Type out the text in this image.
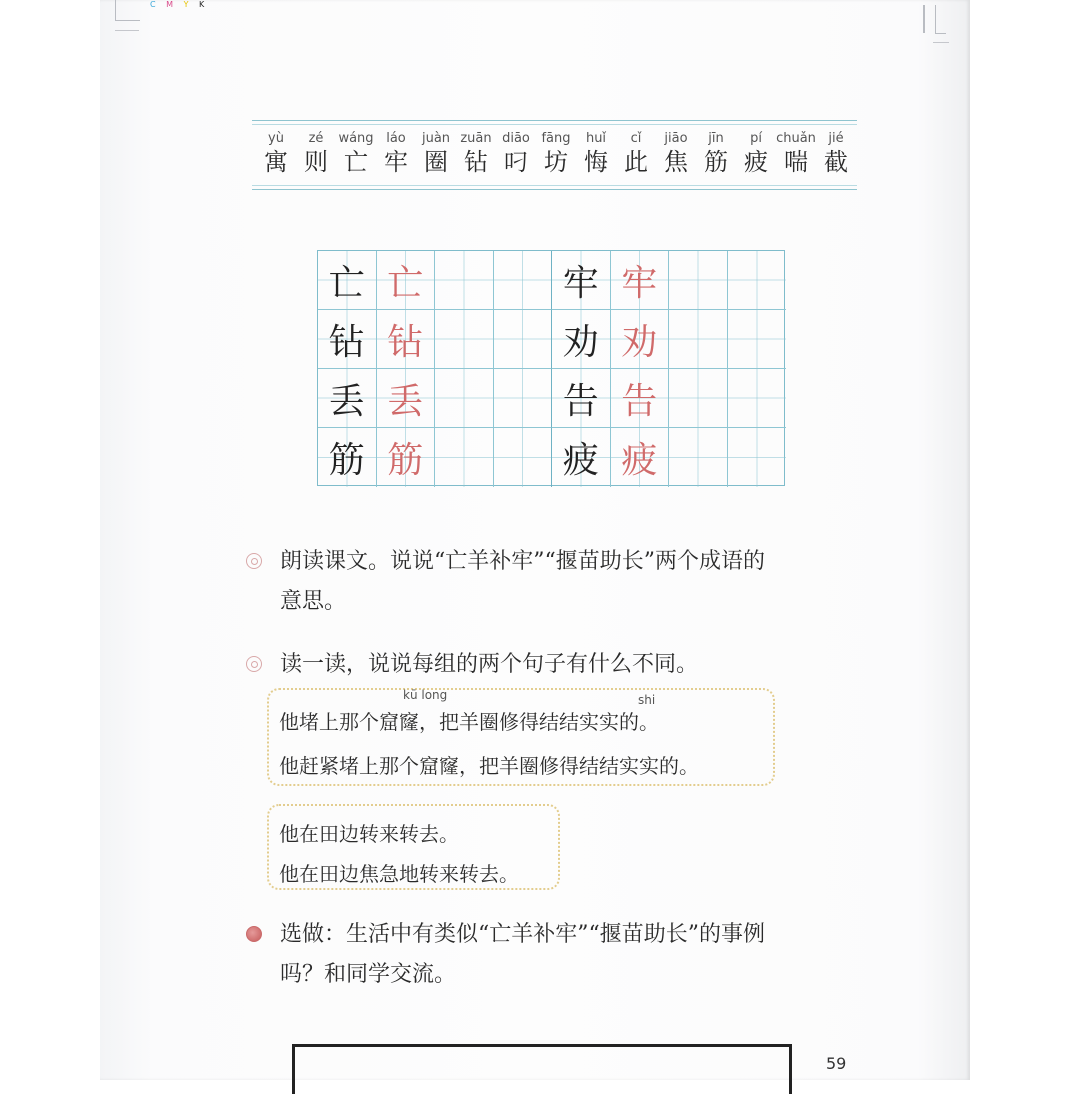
C M Y K
yù
寓
zé
则
wáng
亡
láo
牢
juàn
圈
zuān
钻
diāo
叼
fāng
坊
huǐ
悔
cǐ
此
jiāo
焦
jīn
筋
pí
疲
chuǎn
喘
jié
截
亡 亡	牢 牢
钻 钻	劝 劝
丢 丢	告 告
筋 筋	疲 疲

朗读课文。说说“亡羊补牢”“揠苗助长”两个成语的

意思。

读一读，说说每组的两个句子有什么不同。

kū long	shi
他堵上那个窟窿，把羊圈修得结结实实的。
他赶紧堵上那个窟窿，把羊圈修得结结实实的。
他在田边转来转去。
他在田边焦急地转来转去。

选做：生活中有类似“亡羊补牢”“揠苗助长”的事例

吗？和同学交流。

59
